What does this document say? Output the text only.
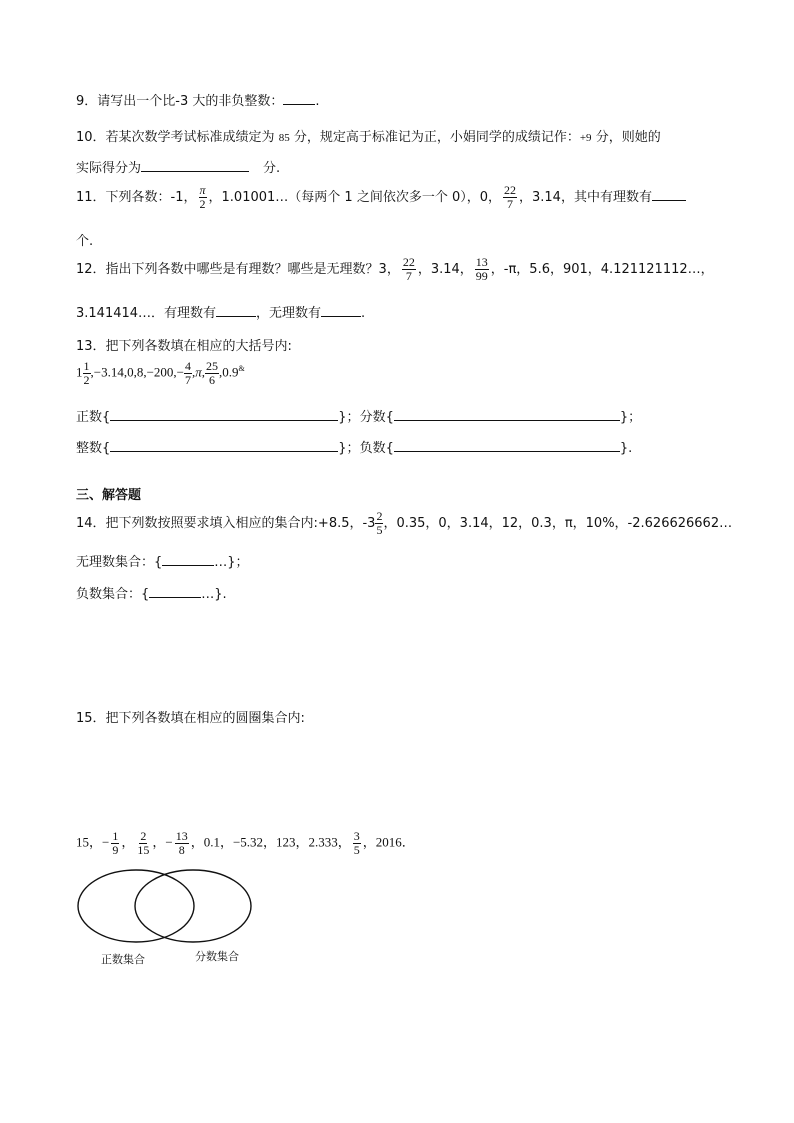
9．请写出一个比-3 大的非负整数： .
10．若某次数学考试标准成绩定为 85 分，规定高于标准记为正，小娟同学的成绩记作：+9 分，则她的
实际得分为	分.
11．下列各数：-1， $\frac{\pi}{2}$ ，1.01001…（每两个 1 之间依次多一个 0），0， $\frac{22}{7}$ ，3.14，其中有理数有
个.
12．指出下列各数中哪些是有理数？哪些是无理数？3， $\frac{22}{7}$ ，3.14， $\frac{13}{99}$ ，-π，5.6，901，4.121121112…，
3.141414…．有理数有	，无理数有	.
13．把下列各数填在相应的大括号内:
$1 \frac{1}{2} ,-3.14,0,8,-200,- \frac{4}{7} ,\pi$, $\frac{25}{6} ,0.9^{\&}$
正数{	}；分数{	}；
整数{	}；负数{	}.
三、解答题
14．把下列数按照要求填入相应的集合内:+8.5，$-3 \frac{2}{5}$ ，0.35，0，3.14，12，0.3，π，10%，-2.626626662…
无理数集合：{	…}；
负数集合：{	…}.
15．把下列各数填在相应的圆圈集合内:
15，− $\frac{1}{9}$ ， $\frac{2}{15}$ ，− $\frac{13}{8}$ ，0.1，−5.32，123，2.333， $\frac{3}{5}$ ，2016．
正数集合	分数集合
